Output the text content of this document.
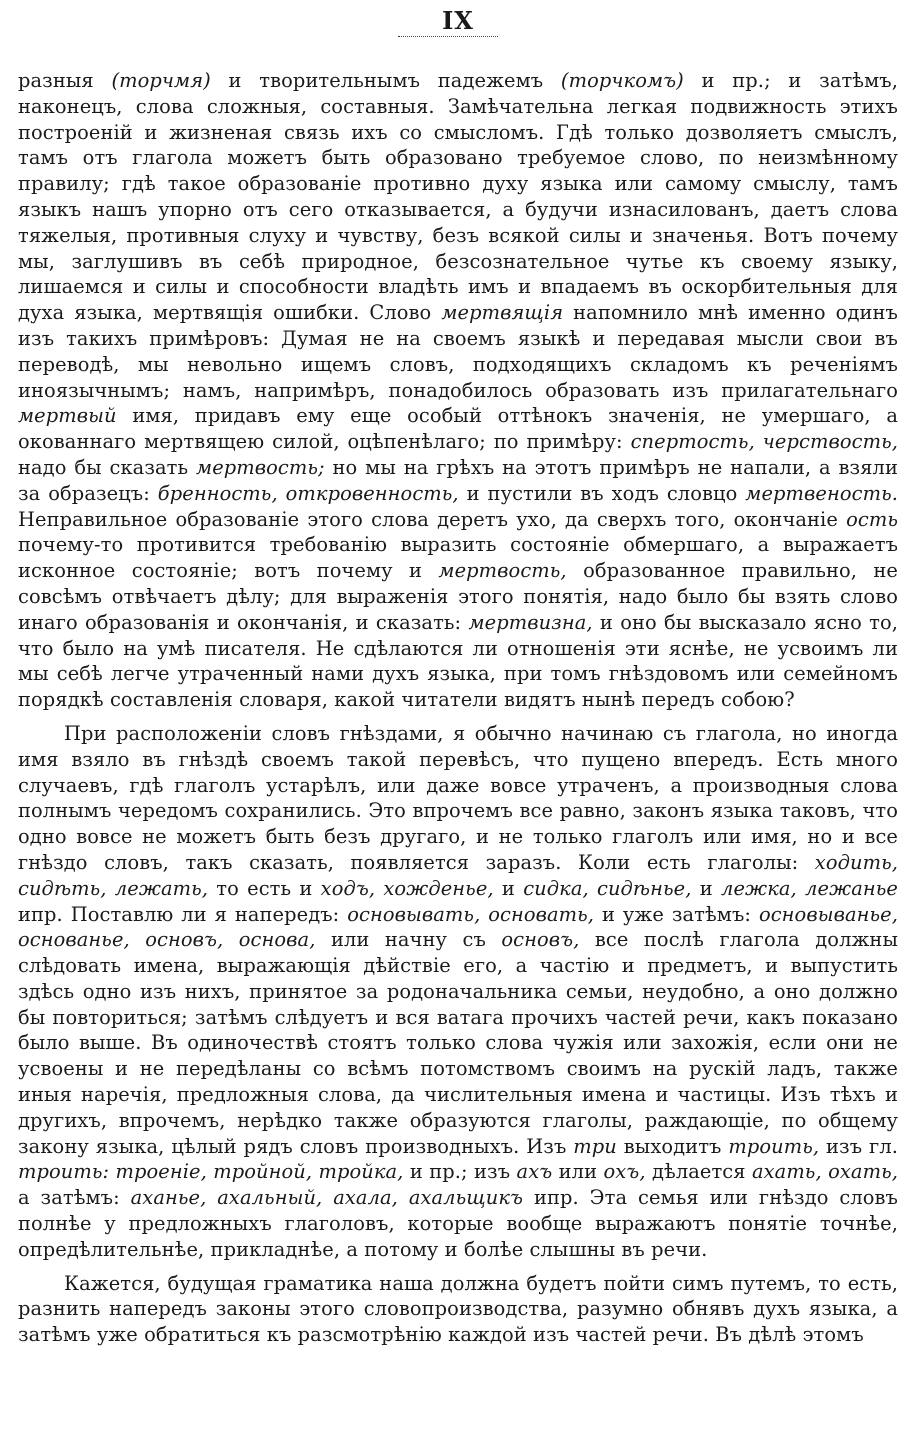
IX

разныя (торчмя) и творительнымъ падежемъ (торчкомъ) и пр.; и затѣмъ, наконецъ, слова сложныя, составныя. Замѣчательна легкая подвижность этихъ построеній и жизненая связь ихъ со смысломъ. Гдѣ только дозволяетъ смыслъ, тамъ отъ глагола можетъ быть образовано требуемое слово, по неизмѣнному правилу; гдѣ такое образованіе противно духу языка или самому смыслу, тамъ языкъ нашъ упорно отъ сего отказывается, а будучи изнасилованъ, даетъ слова тяжелыя, противныя слуху и чувству, безъ всякой силы и значенья. Вотъ почему мы, заглушивъ въ себѣ природное, безсознательное чутье къ своему языку, лишаемся и силы и способности владѣть имъ и впадаемъ въ оскорбительныя для духа языка, мертвящія ошибки. Слово мертвящія напомнило мнѣ именно одинъ изъ такихъ примѣровъ: Думая не на своемъ языкѣ и передавая мысли свои въ переводѣ, мы невольно ищемъ словъ, подходящихъ складомъ къ реченіямъ иноязычнымъ; намъ, напримѣръ, понадобилось образовать изъ прилагательнаго мертвый имя, придавъ ему еще особый оттѣнокъ значенія, не умершаго, а окованнаго мертвящею силой, оцѣпенѣлаго; по примѣру: спертость, черствость, надо бы сказать мертвость; но мы на грѣхъ на этотъ примѣръ не напали, а взяли за образецъ: бренность, откровенность, и пустили въ ходъ словцо мертвеность. Неправильное образованіе этого слова деретъ ухо, да сверхъ того, окончаніе ость почему-то противится требованію выразить состояніе обмершаго, а выражаетъ исконное состояніе; вотъ почему и мертвость, образованное правильно, не совсѣмъ отвѣчаетъ дѣлу; для выраженія этого понятія, надо было бы взять слово инаго образованія и окончанія, и сказать: мертвизна, и оно бы высказало ясно то, что было на умѣ писателя. Не сдѣлаются ли отношенія эти яснѣе, не усвоимъ ли мы себѣ легче утраченный нами духъ языка, при томъ гнѣздовомъ или семейномъ порядкѣ составленія словаря, какой читатели видятъ нынѣ передъ собою?

При расположеніи словъ гнѣздами, я обычно начинаю съ глагола, но иногда имя взяло въ гнѣздѣ своемъ такой перевѣсъ, что пущено впередъ. Есть много случаевъ, гдѣ глаголъ устарѣлъ, или даже вовсе утраченъ, а производныя слова полнымъ чередомъ сохранились. Это впрочемъ все равно, законъ языка таковъ, что одно вовсе не можетъ быть безъ другаго, и не только глаголъ или имя, но и все гнѣздо словъ, такъ сказать, появляется заразъ. Коли есть глаголы: ходить, сидѣть, лежать, то есть и ходъ, хожденье, и сидка, сидѣнье, и лежка, лежанье ипр. Поставлю ли я напередъ: основывать, основать, и уже затѣмъ: основыванье, основанье, основъ, основа, или начну съ основъ, все послѣ глагола должны слѣдовать имена, выражающія дѣйствіе его, а частію и предметъ, и выпустить здѣсь одно изъ нихъ, принятое за родоначальника семьи, неудобно, а оно должно бы повториться; затѣмъ слѣдуетъ и вся ватага прочихъ частей речи, какъ показано было выше. Въ одиночествѣ стоятъ только слова чужія или захожія, если они не усвоены и не передѣланы со всѣмъ потомствомъ своимъ на рускій ладъ, также иныя наречія, предложныя слова, да числительныя имена и частицы. Изъ тѣхъ и другихъ, впрочемъ, нерѣдко также образуются глаголы, раждающіе, по общему закону языка, цѣлый рядъ словъ производныхъ. Изъ три выходитъ троить, изъ гл. троить: троеніе, тройной, тройка, и пр.; изъ ахъ или охъ, дѣлается ахать, охать, а затѣмъ: аханье, ахальный, ахала, ахальщикъ ипр. Эта семья или гнѣздо словъ полнѣе у предложныхъ глаголовъ, которые вообще выражаютъ понятіе точнѣе, опредѣлительнѣе, прикладнѣе, а потому и болѣе слышны въ речи.

Кажется, будущая граматика наша должна будетъ пойти симъ путемъ, то есть, разнить напередъ законы этого словопроизводства, разумно обнявъ духъ языка, а затѣмъ уже обратиться къ разсмотрѣнію каждой изъ частей речи. Въ дѣлѣ этомъ
